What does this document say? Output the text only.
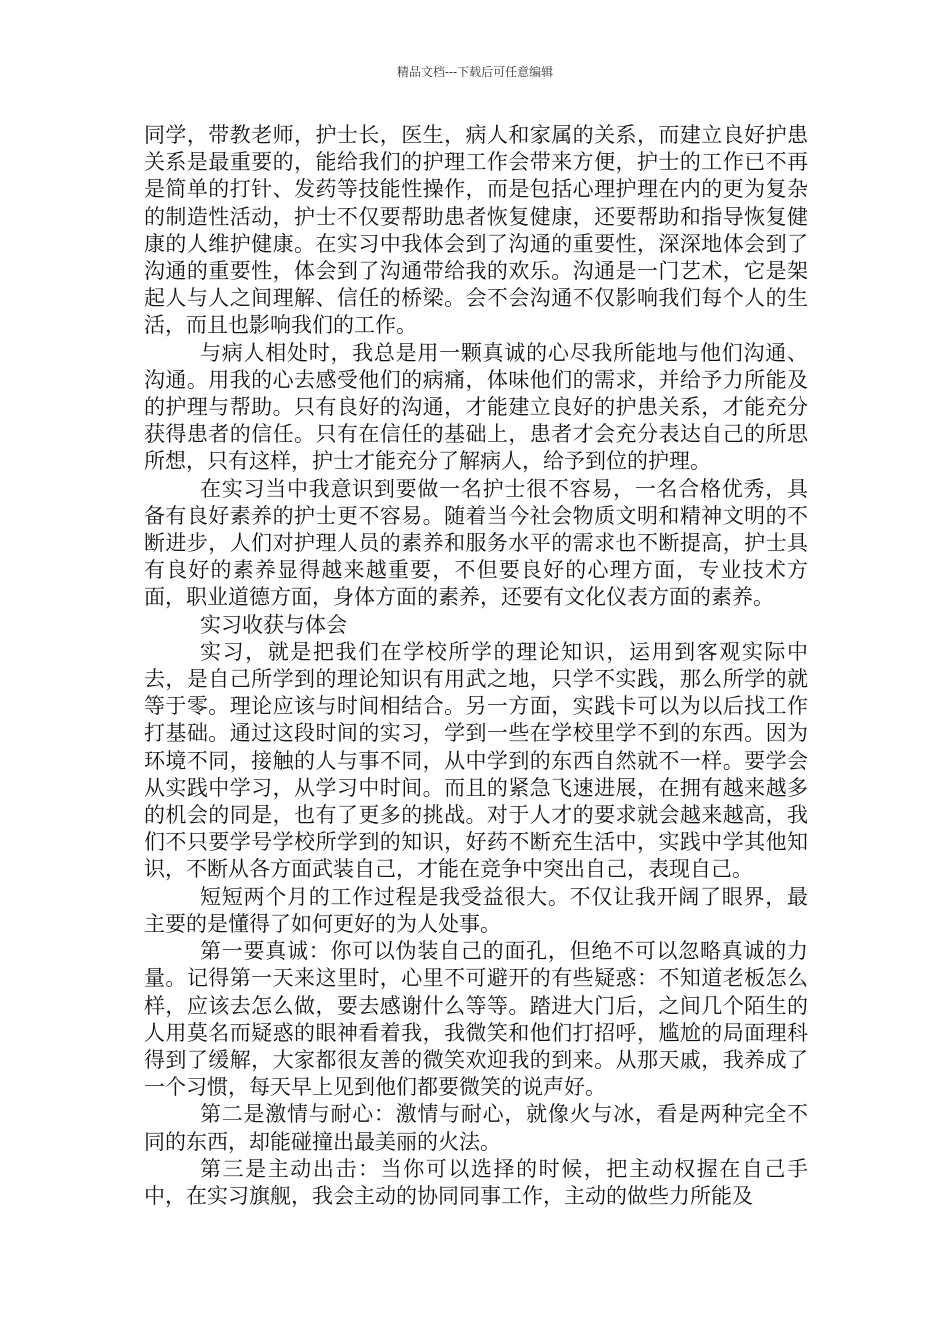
精品文档---下载后可任意编辑

同学，带教老师，护士长，医生，病人和家属的关系，而建立良好护患关系是最重要的，能给我们的护理工作会带来方便，护士的工作已不再是简单的打针、发药等技能性操作，而是包括心理护理在内的更为复杂的制造性活动，护士不仅要帮助患者恢复健康，还要帮助和指导恢复健康的人维护健康。在实习中我体会到了沟通的重要性，深深地体会到了沟通的重要性，体会到了沟通带给我的欢乐。沟通是一门艺术，它是架起人与人之间理解、信任的桥梁。会不会沟通不仅影响我们每个人的生活，而且也影响我们的工作。

与病人相处时，我总是用一颗真诚的心尽我所能地与他们沟通、沟通。用我的心去感受他们的病痛，体味他们的需求，并给予力所能及的护理与帮助。只有良好的沟通，才能建立良好的护患关系，才能充分获得患者的信任。只有在信任的基础上，患者才会充分表达自己的所思所想，只有这样，护士才能充分了解病人，给予到位的护理。

在实习当中我意识到要做一名护士很不容易，一名合格优秀，具备有良好素养的护士更不容易。随着当今社会物质文明和精神文明的不断进步，人们对护理人员的素养和服务水平的需求也不断提高，护士具有良好的素养显得越来越重要，不但要良好的心理方面，专业技术方面，职业道德方面，身体方面的素养，还要有文化仪表方面的素养。

实习收获与体会

实习，就是把我们在学校所学的理论知识，运用到客观实际中去，是自己所学到的理论知识有用武之地，只学不实践，那么所学的就等于零。理论应该与时间相结合。另一方面，实践卡可以为以后找工作打基础。通过这段时间的实习，学到一些在学校里学不到的东西。因为环境不同，接触的人与事不同，从中学到的东西自然就不一样。要学会从实践中学习，从学习中时间。而且的紧急飞速进展，在拥有越来越多的机会的同是，也有了更多的挑战。对于人才的要求就会越来越高，我们不只要学号学校所学到的知识，好药不断充生活中，实践中学其他知识，不断从各方面武装自己，才能在竞争中突出自己，表现自己。

短短两个月的工作过程是我受益很大。不仅让我开阔了眼界，最主要的是懂得了如何更好的为人处事。

第一要真诚：你可以伪装自己的面孔，但绝不可以忽略真诚的力量。记得第一天来这里时，心里不可避开的有些疑惑：不知道老板怎么样，应该去怎么做，要去感谢什么等等。踏进大门后，之间几个陌生的人用莫名而疑惑的眼神看着我，我微笑和他们打招呼，尴尬的局面理科得到了缓解，大家都很友善的微笑欢迎我的到来。从那天戚，我养成了一个习惯，每天早上见到他们都要微笑的说声好。

第二是激情与耐心：激情与耐心，就像火与冰，看是两种完全不同的东西，却能碰撞出最美丽的火法。

第三是主动出击：当你可以选择的时候，把主动权握在自己手中，在实习旗舰，我会主动的协同同事工作，主动的做些力所能及
